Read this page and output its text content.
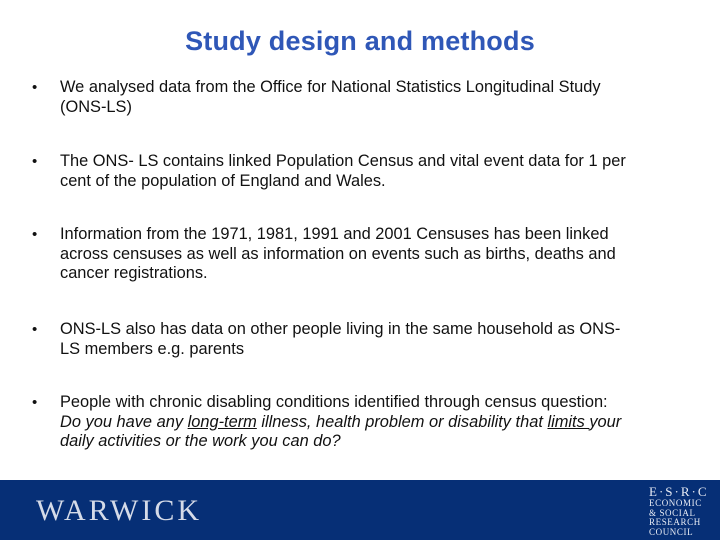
Study design and methods
• We analysed data from the Office for National Statistics Longitudinal Study
(ONS-LS)
• The ONS- LS contains linked Population Census and vital event data for 1 per
cent of the population of England and Wales.
• Information from the 1971, 1981, 1991 and 2001 Censuses has been linked
across censuses as well as information on events such as births, deaths and
cancer registrations.
• ONS-LS also has data on other people living in the same household as ONS-
LS members e.g. parents
• People with chronic disabling conditions identified through census question:
Do you have any long-term illness, health problem or disability that limits your
daily activities or the work you can do?
WARWICK
E·S·R·C
ECONOMIC
& SOCIAL
RESEARCH
COUNCIL
